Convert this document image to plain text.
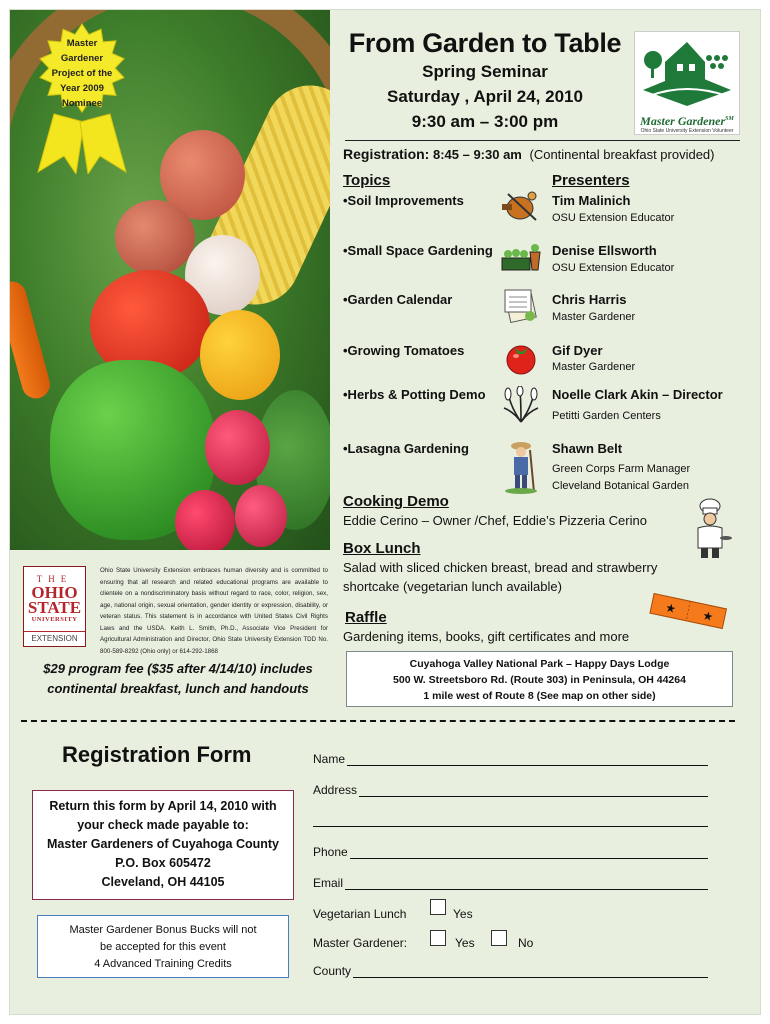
Master
Gardener
Project of the
Year 2009
Nominee
From Garden to Table
Spring Seminar
Saturday , April 24, 2010
9:30 am – 3:00 pm	Master Gardener℠
Ohio State University Extension Volunteer
Registration: 8:45 – 9:30 am (Continental breakfast provided)
Topics	Presenters
•Soil Improvements	Tim Malinich
OSU Extension Educator
•Small Space Gardening	Denise Ellsworth
OSU Extension Educator
•Garden Calendar	Chris Harris
Master Gardener
•Growing Tomatoes	Gif Dyer
Master Gardener
•Herbs & Potting Demo	Noelle Clark Akin – Director
Petitti Garden Centers
•Lasagna Gardening	Shawn Belt
Green Corps Farm Manager
Cleveland Botanical Garden
Cooking Demo
Eddie Cerino – Owner /Chef, Eddie’s Pizzeria Cerino
Box Lunch
Salad with sliced chicken breast, bread and strawberry
shortcake (vegetarian lunch available)
Raffle
Gardening items, books, gift certificates and more
★ ★
THE
OHIO
STATE
UNIVERSITY
EXTENSION
Ohio State University Extension embraces human diversity and is committed to ensuring that all research and related educational programs are available to clientele on a nondiscriminatory basis without regard to race, color, religion, sex, age, national origin, sexual orientation, gender identity or expression, disability, or veteran status. This statement is in accordance with United States Civil Rights Laws and the USDA. Keith L. Smith, Ph.D., Associate Vice President for Agricultural Administration and Director, Ohio State University Extension TDD No. 800-589-8292 (Ohio only) or 614-292-1868
$29 program fee ($35 after 4/14/10) includes
continental breakfast, lunch and handouts
Cuyahoga Valley National Park – Happy Days Lodge
500 W. Streetsboro Rd. (Route 303) in Peninsula, OH 44264
1 mile west of Route 8 (See map on other side)
Registration Form
Return this form by April 14, 2010 with
your check made payable to:
Master Gardeners of Cuyahoga County
P.O. Box 605472
Cleveland, OH 44105
Master Gardener Bonus Bucks will not
be accepted for this event
4 Advanced Training Credits
Name
Address
Phone
Email
Vegetarian Lunch	Yes
Master Gardener:	Yes	No
County
